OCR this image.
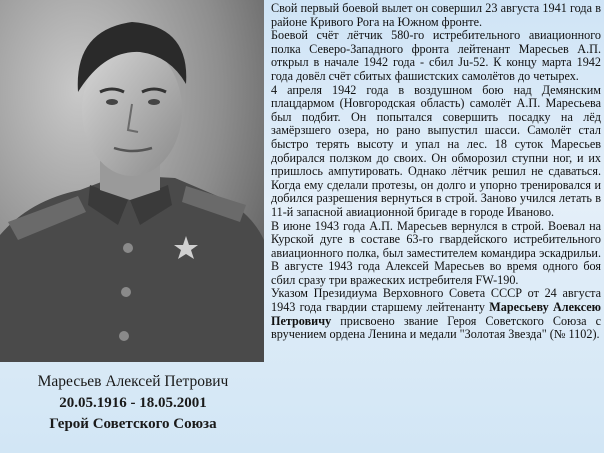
Маресьев Алексей Петрович
20.05.1916 - 18.05.2001
Герой Советского Союза

Свой первый боевой вылет он совершил 23 августа 1941 года в районе Кривого Рога на Южном фронте.

Боевой счёт лётчик 580-го истребительного авиационного полка Северо-Западного фронта лейтенант Маресьев А.П. открыл в начале 1942 года - сбил Ju-52. К концу марта 1942 года довёл счёт сбитых фашистских самолётов до четырех.

4 апреля 1942 года в воздушном бою над Демянским плацдармом (Новгородская область) самолёт А.П. Маресьева был подбит. Он попытался совершить посадку на лёд замёрзшего озера, но рано выпустил шасси. Самолёт стал быстро терять высоту и упал на лес. 18 суток Маресьев добирался ползком до своих. Он обморозил ступни ног, и их пришлось ампутировать. Однако лётчик решил не сдаваться. Когда ему сделали протезы, он долго и упорно тренировался и добился разрешения вернуться в строй. Заново учился летать в 11-й запасной авиационной бригаде в городе Иваново.

В июне 1943 года А.П. Маресьев вернулся в строй. Воевал на Курской дуге в составе 63-го гвардейского истребительного авиационного полка, был заместителем командира эскадрильи. В августе 1943 года Алексей Маресьев во время одного боя сбил сразу три вражеских истребителя FW-190.

Указом Президиума Верховного Совета СССР от 24 августа 1943 года гвардии старшему лейтенанту Маресьеву Алексею Петровичу присвоено звание Героя Советского Союза с вручением ордена Ленина и медали "Золотая Звезда" (№ 1102).
